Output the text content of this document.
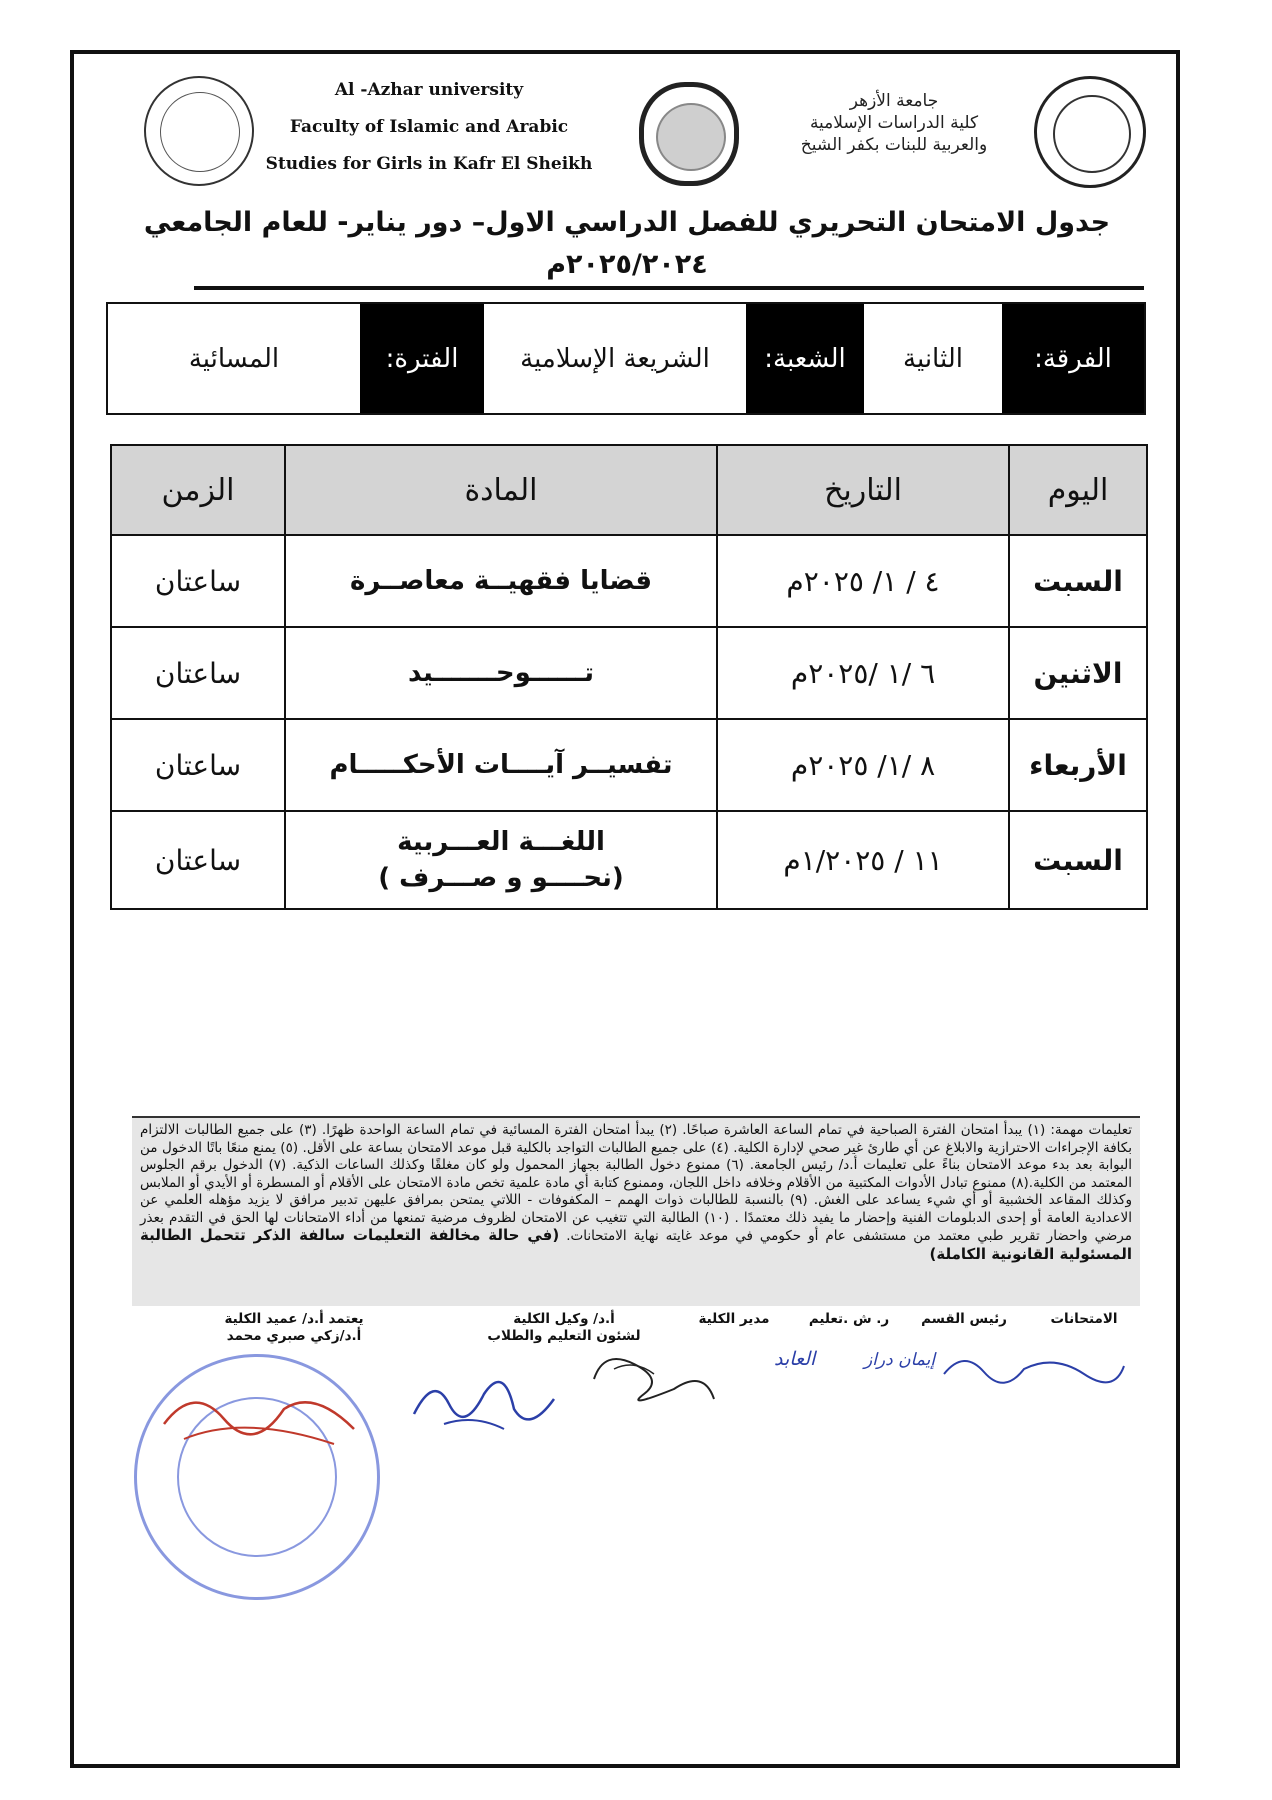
Al -Azhar university
Faculty of Islamic and Arabic
Studies for Girls in Kafr El Sheikh
جامعة الأزهر
كلية الدراسات الإسلامية
والعربية للبنات بكفر الشيخ
جدول الامتحان التحريري للفصل الدراسي الاول– دور يناير- للعام الجامعي
٢٠٢٥/٢٠٢٤م
الفرقة:
الثانية
الشعبة:
الشريعة الإسلامية
الفترة:
المسائية
اليوم	التاريخ	المادة	الزمن
السبت	٤ / ١/ ٢٠٢٥م	قضايا فقهيــة معاصــرة	ساعتان
الاثنين	٦ /١ /٢٠٢٥م	تــــــوحـــــــيد	ساعتان
الأربعاء	٨ /١/ ٢٠٢٥م	تفسيــر آيــــات الأحكـــــام	ساعتان
السبت	١١ / ١/٢٠٢٥م	اللغـــة العـــربية
(نحــــو و صـــرف )	ساعتان
تعليمات مهمة: (١) يبدأ امتحان الفترة الصباحية في تمام الساعة العاشرة صباحًا. (٢) يبدأ امتحان الفترة المسائية في تمام الساعة الواحدة ظهرًا. (٣) على جميع الطالبات الالتزام بكافة الإجراءات الاحترازية والابلاغ عن أي طارئ غير صحي لإدارة الكلية. (٤) على جميع الطالبات التواجد بالكلية قبل موعد الامتحان بساعة على الأقل. (٥) يمنع منعًا باتًا الدخول من البوابة بعد بدء موعد الامتحان بناءً على تعليمات أ.د/ رئيس الجامعة. (٦) ممنوع دخول الطالبة بجهاز المحمول ولو كان مغلقًا وكذلك الساعات الذكية. (٧) الدخول برقم الجلوس المعتمد من الكلية.(٨) ممنوع تبادل الأدوات المكتبية من الأقلام وخلافه داخل اللجان، وممنوع كتابة أي مادة علمية تخص مادة الامتحان على الأقلام أو المسطرة أو الأيدي أو الملابس وكذلك المقاعد الخشبية أو أي شيء يساعد على الغش. (٩) بالنسبة للطالبات ذوات الهمم – المكفوفات - اللاتي يمتحن بمرافق عليهن تدبير مرافق لا يزيد مؤهله العلمي عن الاعدادية العامة أو إحدى الدبلومات الفنية وإحضار ما يفيد ذلك معتمدًا . (١٠) الطالبة التي تتغيب عن الامتحان لظروف مرضية تمنعها من أداء الامتحانات لها الحق في التقدم بعذر مرضي واحضار تقرير طبي معتمد من مستشفى عام أو حكومي في موعد غايته نهاية الامتحانات. (في حالة مخالفة التعليمات سالفة الذكر تتحمل الطالبة المسئولية القانونية الكاملة)
الامتحانات
رئيس القسم
ر. ش .تعليم
مدير الكلية
أ.د/ وكيل الكلية
لشئون التعليم والطلاب
يعتمد أ.د/ عميد الكلية
أ.د/زكي صبري محمد
إيمان دراز
العابد
